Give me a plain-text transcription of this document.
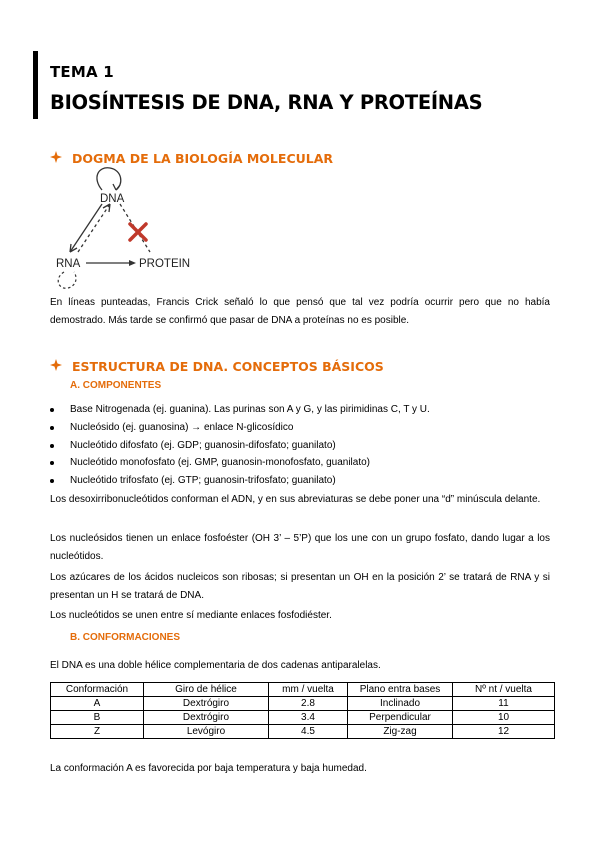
TEMA 1
BIOSÍNTESIS DE DNA, RNA Y PROTEÍNAS
DOGMA DE LA BIOLOGÍA MOLECULAR
DNA
RNA	PROTEIN
En líneas punteadas, Francis Crick señaló lo que pensó que tal vez podría ocurrir pero que no había demostrado. Más tarde se confirmó que pasar de DNA a proteínas no es posible.
ESTRUCTURA DE DNA. CONCEPTOS BÁSICOS
A. COMPONENTES
Base Nitrogenada (ej. guanina). Las purinas son A y G, y las pirimidinas C, T y U.
Nucleósido (ej. guanosina) → enlace N-glicosídico
Nucleótido difosfato (ej. GDP; guanosin-difosfato; guanilato)
Nucleótido monofosfato (ej. GMP, guanosin-monofosfato, guanilato)
Nucleótido trifosfato (ej. GTP; guanosin-trifosfato; guanilato)
Los desoxirribonucleótidos conforman el ADN, y en sus abreviaturas se debe poner una “d” minúscula delante.
Los nucleósidos tienen un enlace fosfoéster (OH 3’ – 5’P) que los une con un grupo fosfato, dando lugar a los nucleótidos.
Los azúcares de los ácidos nucleicos son ribosas; si presentan un OH en la posición 2’ se tratará de RNA y si presentan un H se tratará de DNA.
Los nucleótidos se unen entre sí mediante enlaces fosfodiéster.
B. CONFORMACIONES
El DNA es una doble hélice complementaria de dos cadenas antiparalelas.
Conformación	Giro de hélice	mm / vuelta	Plano entra bases	Nº nt / vuelta
A	Dextrógiro	2.8	Inclinado	11
B	Dextrógiro	3.4	Perpendicular	10
Z	Levógiro	4.5	Zig-zag	12
La conformación A es favorecida por baja temperatura y baja humedad.
